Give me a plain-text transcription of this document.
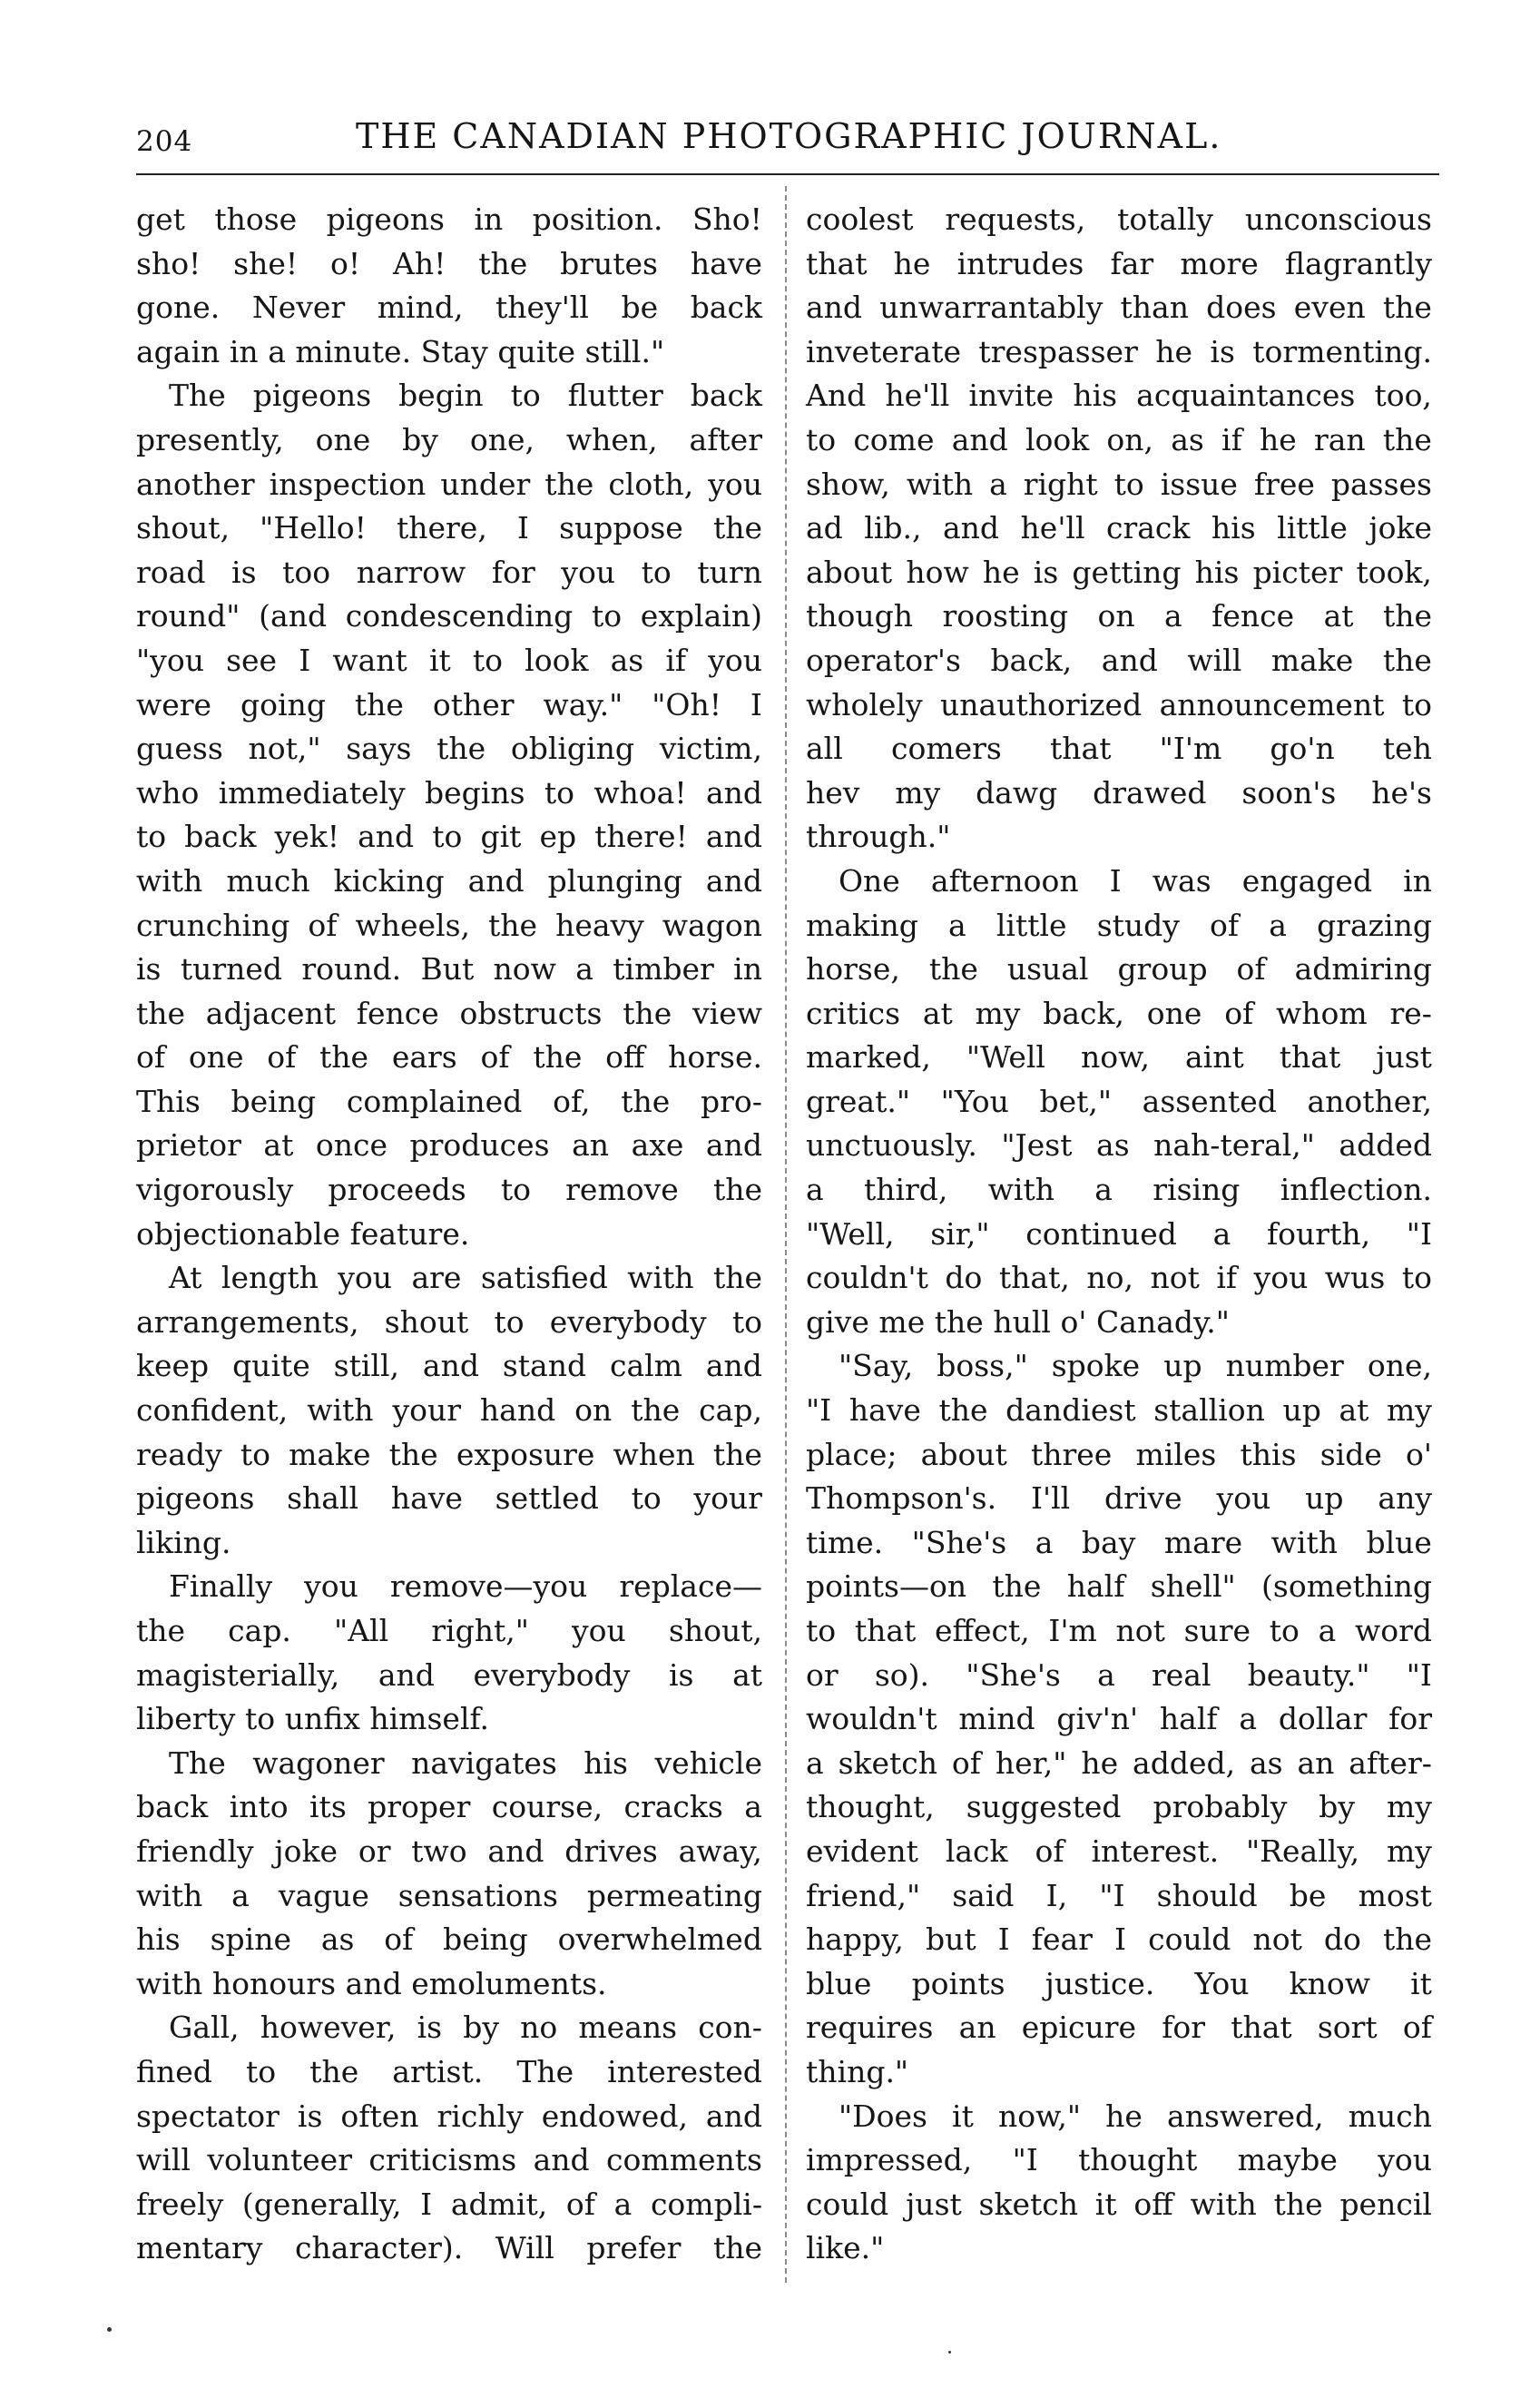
204	THE CANADIAN PHOTOGRAPHIC JOURNAL.
get those pigeons in position. Sho!
sho! she! o! Ah! the brutes have
gone. Never mind, they'll be back
again in a minute. Stay quite still."
The pigeons begin to flutter back
presently, one by one, when, after
another inspection under the cloth, you
shout, "Hello! there, I suppose the
road is too narrow for you to turn
round" (and condescending to explain)
"you see I want it to look as if you
were going the other way." "Oh! I
guess not," says the obliging victim,
who immediately begins to whoa! and
to back yek! and to git ep there! and
with much kicking and plunging and
crunching of wheels, the heavy wagon
is turned round. But now a timber in
the adjacent fence obstructs the view
of one of the ears of the off horse.
This being complained of, the pro-
prietor at once produces an axe and
vigorously proceeds to remove the
objectionable feature.
At length you are satisfied with the
arrangements, shout to everybody to
keep quite still, and stand calm and
confident, with your hand on the cap,
ready to make the exposure when the
pigeons shall have settled to your
liking.
Finally you remove—you replace—
the cap. "All right," you shout,
magisterially, and everybody is at
liberty to unfix himself.
The wagoner navigates his vehicle
back into its proper course, cracks a
friendly joke or two and drives away,
with a vague sensations permeating
his spine as of being overwhelmed
with honours and emoluments.
Gall, however, is by no means con-
fined to the artist. The interested
spectator is often richly endowed, and
will volunteer criticisms and comments
freely (generally, I admit, of a compli-
mentary character). Will prefer the
coolest requests, totally unconscious
that he intrudes far more flagrantly
and unwarrantably than does even the
inveterate trespasser he is tormenting.
And he'll invite his acquaintances too,
to come and look on, as if he ran the
show, with a right to issue free passes
ad lib., and he'll crack his little joke
about how he is getting his picter took,
though roosting on a fence at the
operator's back, and will make the
wholely unauthorized announcement to
all comers that "I'm go'n teh
hev my dawg drawed soon's he's
through."
One afternoon I was engaged in
making a little study of a grazing
horse, the usual group of admiring
critics at my back, one of whom re-
marked, "Well now, aint that just
great." "You bet," assented another,
unctuously. "Jest as nah-teral," added
a third, with a rising inflection.
"Well, sir," continued a fourth, "I
couldn't do that, no, not if you wus to
give me the hull o' Canady."
"Say, boss," spoke up number one,
"I have the dandiest stallion up at my
place; about three miles this side o'
Thompson's. I'll drive you up any
time. "She's a bay mare with blue
points—on the half shell" (something
to that effect, I'm not sure to a word
or so). "She's a real beauty." "I
wouldn't mind giv'n' half a dollar for
a sketch of her," he added, as an after-
thought, suggested probably by my
evident lack of interest. "Really, my
friend," said I, "I should be most
happy, but I fear I could not do the
blue points justice. You know it
requires an epicure for that sort of
thing."
"Does it now," he answered, much
impressed, "I thought maybe you
could just sketch it off with the pencil
like."
